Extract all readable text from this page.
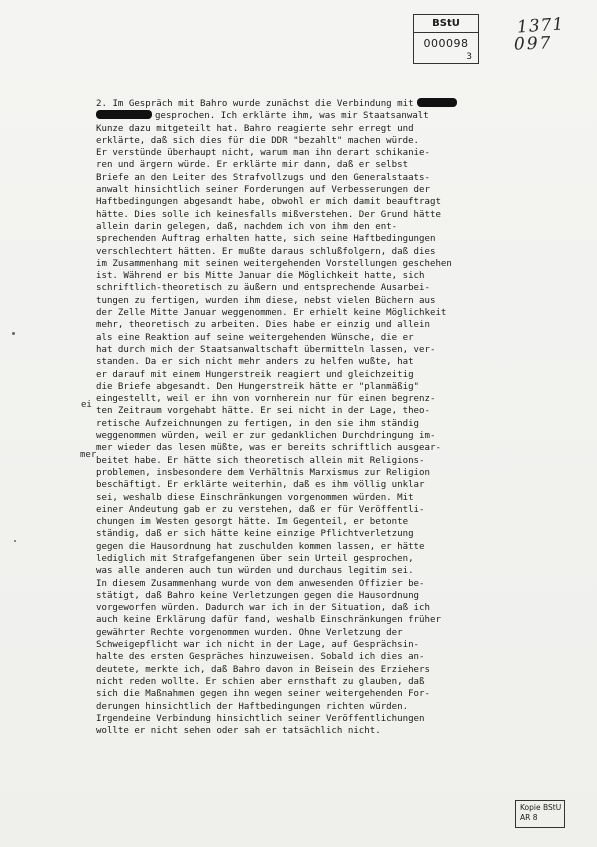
BStU
000098
3
1371
097
2. Im Gespräch mit Bahro wurde zunächst die Verbindung mit
gesprochen. Ich erklärte ihm, was mir Staatsanwalt
Kunze dazu mitgeteilt hat. Bahro reagierte sehr erregt und
erklärte, daß sich dies für die DDR "bezahlt" machen würde.
Er verstünde überhaupt nicht, warum man ihn derart schikanie-
ren und ärgern würde. Er erklärte mir dann, daß er selbst
Briefe an den Leiter des Strafvollzugs und den Generalstaats-
anwalt hinsichtlich seiner Forderungen auf Verbesserungen der
Haftbedingungen abgesandt habe, obwohl er mich damit beauftragt
hätte. Dies solle ich keinesfalls mißverstehen. Der Grund hätte
allein darin gelegen, daß, nachdem ich von ihm den ent-
sprechenden Auftrag erhalten hatte, sich seine Haftbedingungen
verschlechtert hätten. Er mußte daraus schlußfolgern, daß dies
im Zusammenhang mit seinen weitergehenden Vorstellungen geschehen
ist. Während er bis Mitte Januar die Möglichkeit hatte, sich
schriftlich-theoretisch zu äußern und entsprechende Ausarbei-
tungen zu fertigen, wurden ihm diese, nebst vielen Büchern aus
der Zelle Mitte Januar weggenommen. Er erhielt keine Möglichkeit
mehr, theoretisch zu arbeiten. Dies habe er einzig und allein
als eine Reaktion auf seine weitergehenden Wünsche, die er
hat durch mich der Staatsanwaltschaft übermitteln lassen, ver-
standen. Da er sich nicht mehr anders zu helfen wußte, hat
er darauf mit einem Hungerstreik reagiert und gleichzeitig
die Briefe abgesandt. Den Hungerstreik hätte er "planmäßig"
eingestellt, weil er ihn von vornherein nur für einen begrenz-
ten Zeitraum vorgehabt hätte. Er sei nicht in der Lage, theo-
retische Aufzeichnungen zu fertigen, in den sie ihm ständig
weggenommen würden, weil er zur gedanklichen Durchdringung im-
mer wieder das lesen müßte, was er bereits schriftlich ausgear-
beitet habe. Er hätte sich theoretisch allein mit Religions-
problemen, insbesondere dem Verhältnis Marxismus zur Religion
beschäftigt. Er erklärte weiterhin, daß es ihm völlig unklar
sei, weshalb diese Einschränkungen vorgenommen würden. Mit
einer Andeutung gab er zu verstehen, daß er für Veröffentli-
chungen im Westen gesorgt hätte. Im Gegenteil, er betonte
ständig, daß er sich hätte keine einzige Pflichtverletzung
gegen die Hausordnung hat zuschulden kommen lassen, er hätte
lediglich mit Strafgefangenen über sein Urteil gesprochen,
was alle anderen auch tun würden und durchaus legitim sei.
In diesem Zusammenhang wurde von dem anwesenden Offizier be-
stätigt, daß Bahro keine Verletzungen gegen die Hausordnung
vorgeworfen würden. Dadurch war ich in der Situation, daß ich
auch keine Erklärung dafür fand, weshalb Einschränkungen früher
gewährter Rechte vorgenommen wurden. Ohne Verletzung der
Schweigepflicht war ich nicht in der Lage, auf Gesprächsin-
halte des ersten Gespräches hinzuweisen. Sobald ich dies an-
deutete, merkte ich, daß Bahro davon in Beisein des Erziehers
nicht reden wollte. Er schien aber ernsthaft zu glauben, daß
sich die Maßnahmen gegen ihn wegen seiner weitergehenden For-
derungen hinsichtlich der Haftbedingungen richten würden.
Irgendeine Verbindung hinsichtlich seiner Veröffentlichungen
wollte er nicht sehen oder sah er tatsächlich nicht.
ei
mer
Kopie BStU
AR 8
